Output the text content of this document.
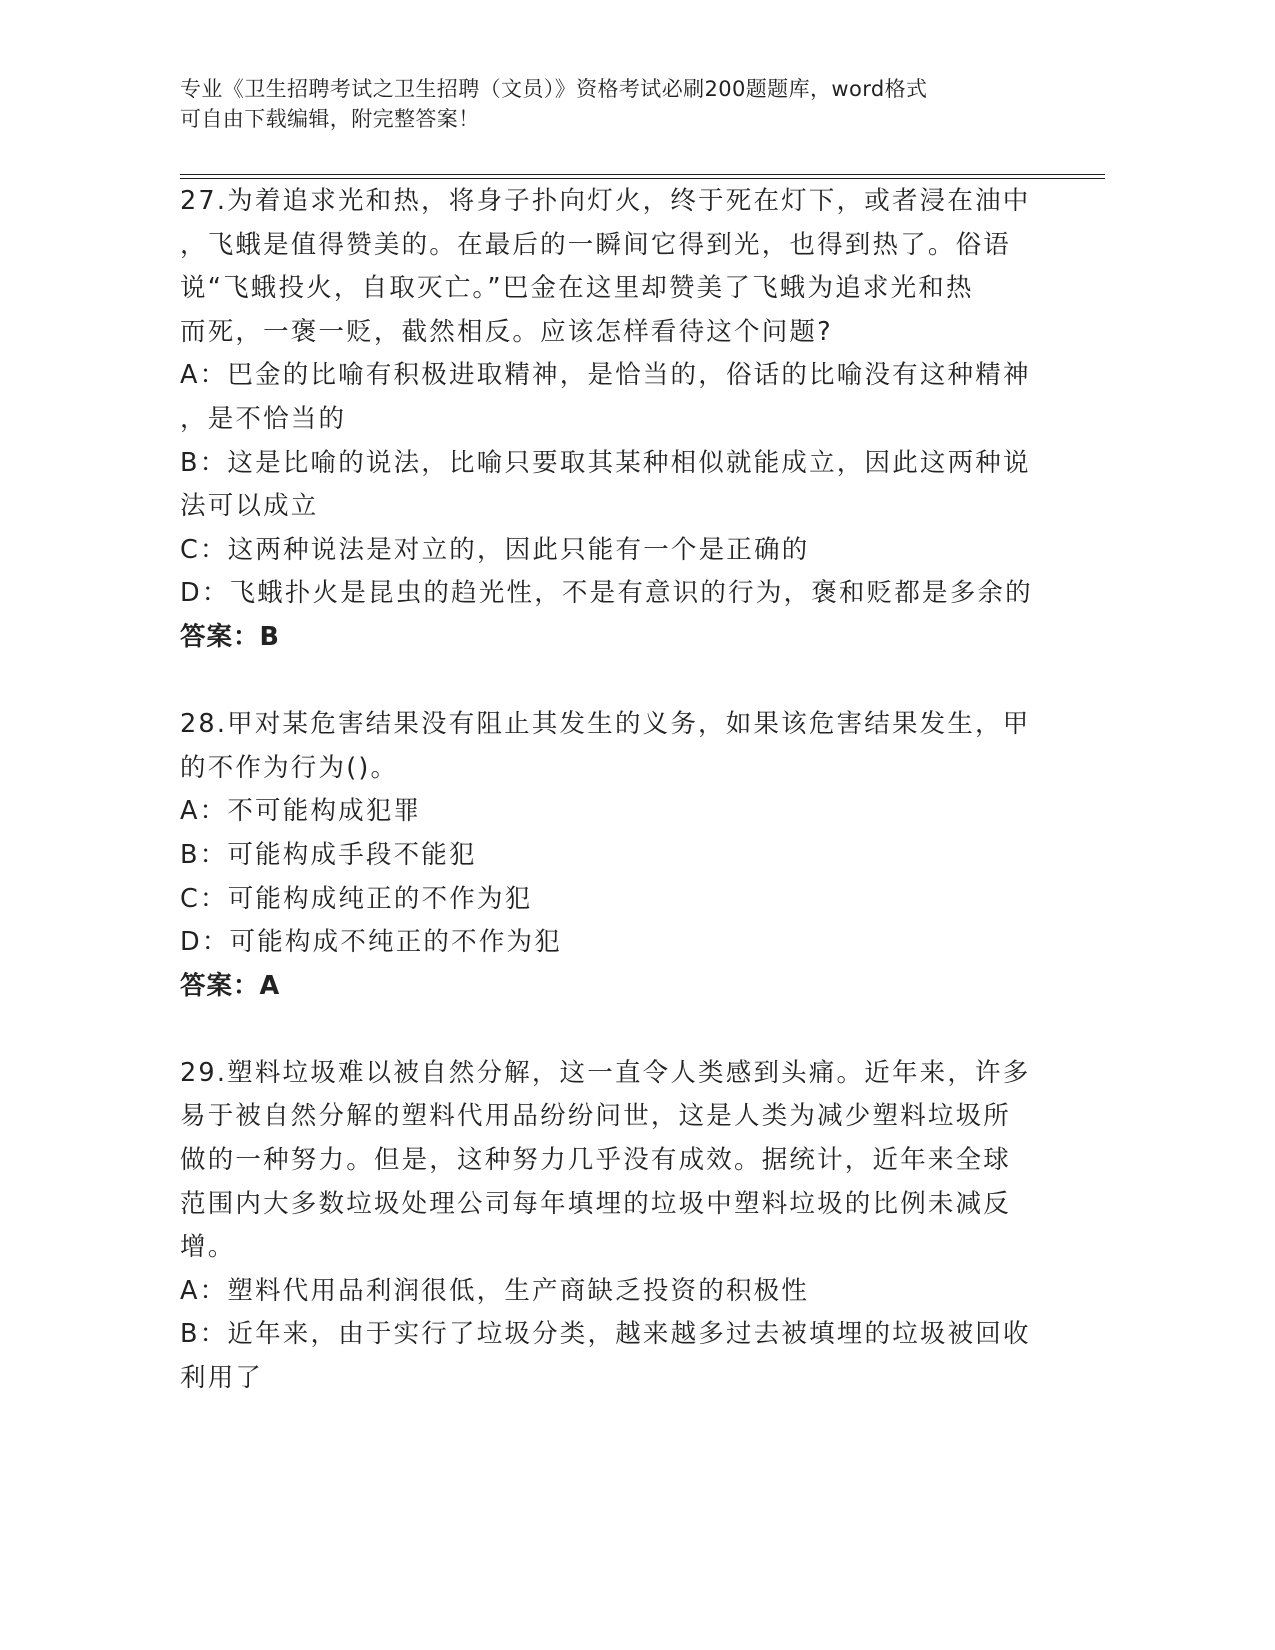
专业《卫生招聘考试之卫生招聘（文员）》资格考试必刷200题题库，word格式
可自由下载编辑，附完整答案！
27.为着追求光和热，将身子扑向灯火，终于死在灯下，或者浸在油中
，飞蛾是值得赞美的。在最后的一瞬间它得到光，也得到热了。俗语
说“飞蛾投火，自取灭亡。”巴金在这里却赞美了飞蛾为追求光和热
而死，一褒一贬，截然相反。应该怎样看待这个问题?
A：巴金的比喻有积极进取精神，是恰当的，俗话的比喻没有这种精神
，是不恰当的
B：这是比喻的说法，比喻只要取其某种相似就能成立，因此这两种说
法可以成立
C：这两种说法是对立的，因此只能有一个是正确的
D：飞蛾扑火是昆虫的趋光性，不是有意识的行为，褒和贬都是多余的
答案：B
28.甲对某危害结果没有阻止其发生的义务，如果该危害结果发生，甲
的不作为行为()。
A：不可能构成犯罪
B：可能构成手段不能犯
C：可能构成纯正的不作为犯
D：可能构成不纯正的不作为犯
答案：A
29.塑料垃圾难以被自然分解，这一直令人类感到头痛。近年来，许多
易于被自然分解的塑料代用品纷纷问世，这是人类为减少塑料垃圾所
做的一种努力。但是，这种努力几乎没有成效。据统计，近年来全球
范围内大多数垃圾处理公司每年填埋的垃圾中塑料垃圾的比例未减反
增。
A：塑料代用品利润很低，生产商缺乏投资的积极性
B：近年来，由于实行了垃圾分类，越来越多过去被填埋的垃圾被回收
利用了
